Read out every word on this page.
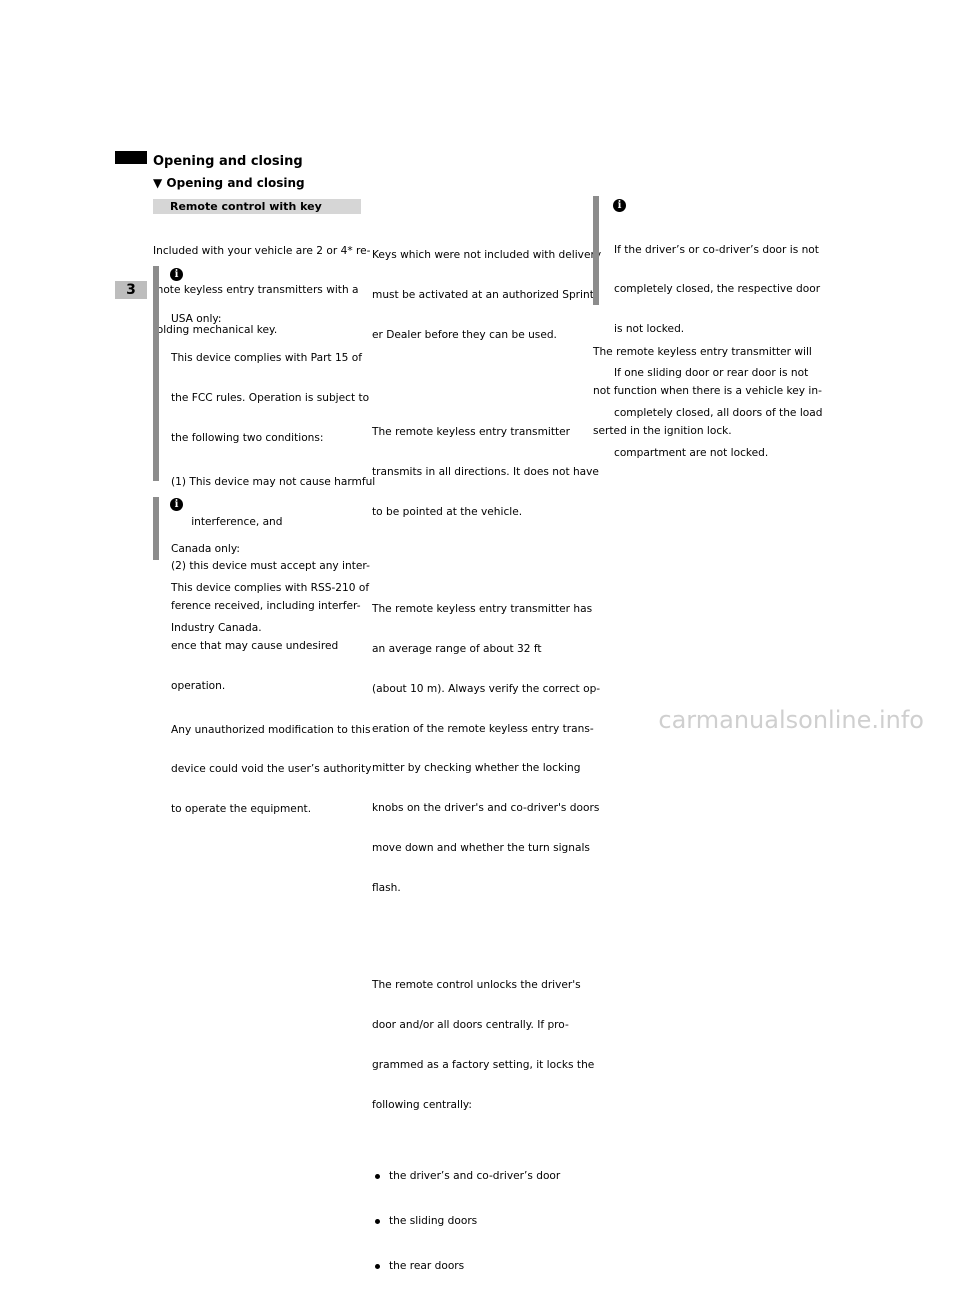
3
Opening and closing
▼ Opening and closing
Remote control with key

Included with your vehicle are 2 or 4* re-

mote keyless entry transmitters with a

folding mechanical key.

i

USA only:

This device complies with Part 15 of

the FCC rules. Operation is subject to

the following two conditions:

(1) This device may not cause harmful

interference, and

(2) this device must accept any inter-

ference received, including interfer-

ence that may cause undesired

operation.

Any unauthorized modification to this

device could void the user’s authority

to operate the equipment.

i

Canada only:

This device complies with RSS-210 of

Industry Canada.

Keys which were not included with delivery

must be activated at an authorized Sprint-

er Dealer before they can be used.

The remote keyless entry transmitter

transmits in all directions. It does not have

to be pointed at the vehicle.

The remote keyless entry transmitter has

an average range of about 32 ft

(about 10 m). Always verify the correct op-

eration of the remote keyless entry trans-

mitter by checking whether the locking

knobs on the driver's and co-driver's doors

move down and whether the turn signals

flash.

The remote control unlocks the driver's

door and/or all doors centrally. If pro-

grammed as a factory setting, it locks the

following centrally:

the driver’s and co-driver’s door

the sliding doors

the rear doors

i

If the driver’s or co-driver’s door is not

completely closed, the respective door

is not locked.

If one sliding door or rear door is not

completely closed, all doors of the load

compartment are not locked.

The remote keyless entry transmitter will

not function when there is a vehicle key in-

serted in the ignition lock.

carmanualsonline.info
